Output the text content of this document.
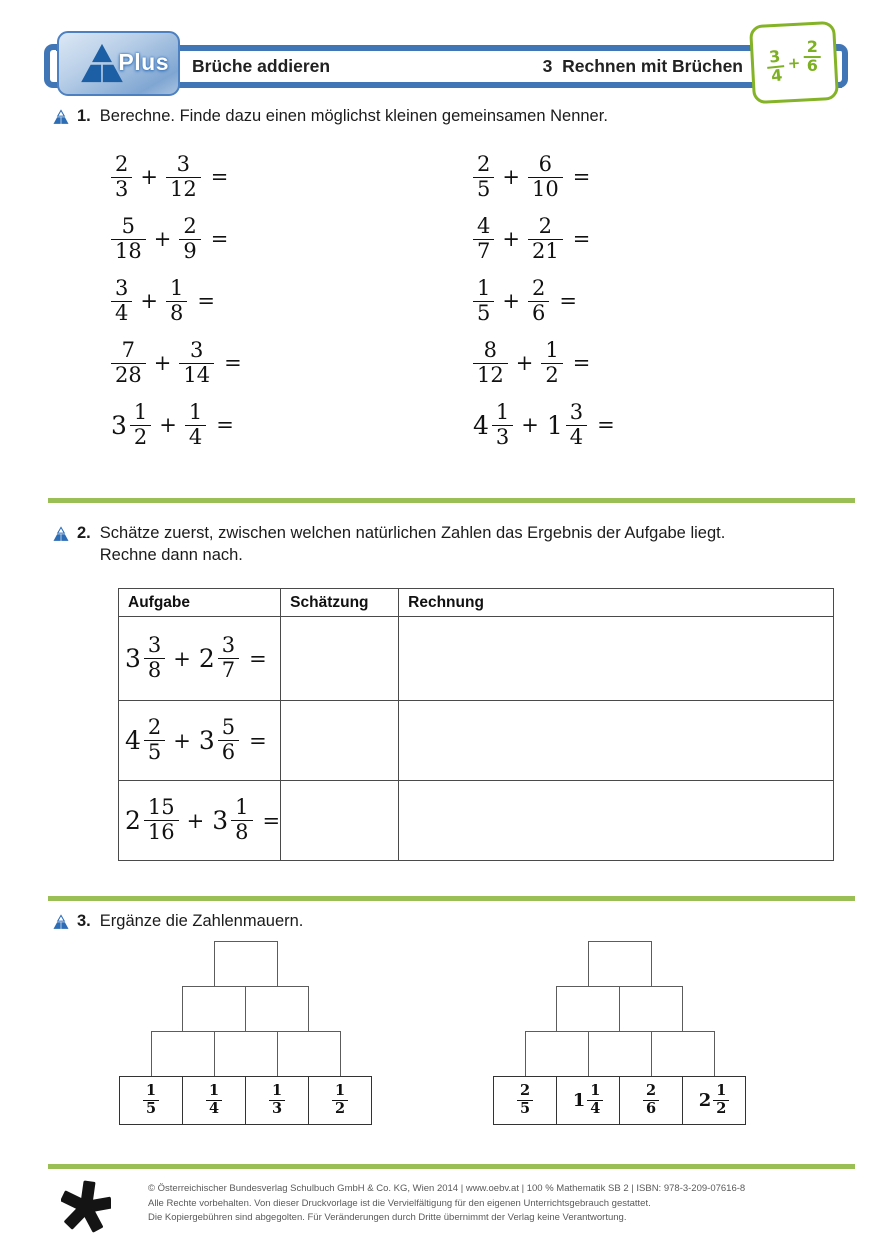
Plus Brüche addieren	3  Rechnen mit Brüchen $\frac{3}{4} + \frac{2}{6}$
1. Berechne. Finde dazu einen möglichst kleinen gemeinsamen Nenner.
$\frac{2}{3} + \frac{3}{12}$ =
$\frac{5}{18} + \frac{2}{9}$ =
$\frac{3}{4} + \frac{1}{8}$ =
$\frac{7}{28} + \frac{3}{14}$ =
$3 \frac{1}{2} + \frac{1}{4}$ =
$\frac{2}{5} + \frac{6}{10}$ =
$\frac{4}{7} + \frac{2}{21}$ =
$\frac{1}{5} + \frac{2}{6}$ =
$\frac{8}{12} + \frac{1}{2}$ =
$4 \frac{1}{3} + 1 \frac{3}{4}$ =
2. Schätze zuerst, zwischen welchen natürlichen Zahlen das Ergebnis der Aufgabe liegt.
Rechne dann nach.
Aufgabe	Schätzung	Rechnung

$3 \frac{3}{8} + 2 \frac{3}{7}$ =

$4 \frac{2}{5} + 3 \frac{5}{6}$ =

$2 \frac{15}{16} + 3 \frac{1}{8}$ =

3. Ergänze die Zahlenmauern.
$\frac{1}{5}$	$\frac{1}{4}$	$\frac{1}{3}$	$\frac{1}{2}$	$\frac{2}{5} 1 \frac{1}{4}$	$\frac{2}{6} 2 \frac{1}{2}$
© Österreichischer Bundesverlag Schulbuch GmbH & Co. KG, Wien 2014 | www.oebv.at | 100 % Mathematik SB 2 | ISBN: 978-3-209-07616-8
Alle Rechte vorbehalten. Von dieser Druckvorlage ist die Vervielfältigung für den eigenen Unterrichtsgebrauch gestattet.
Die Kopiergebühren sind abgegolten. Für Veränderungen durch Dritte übernimmt der Verlag keine Verantwortung.
